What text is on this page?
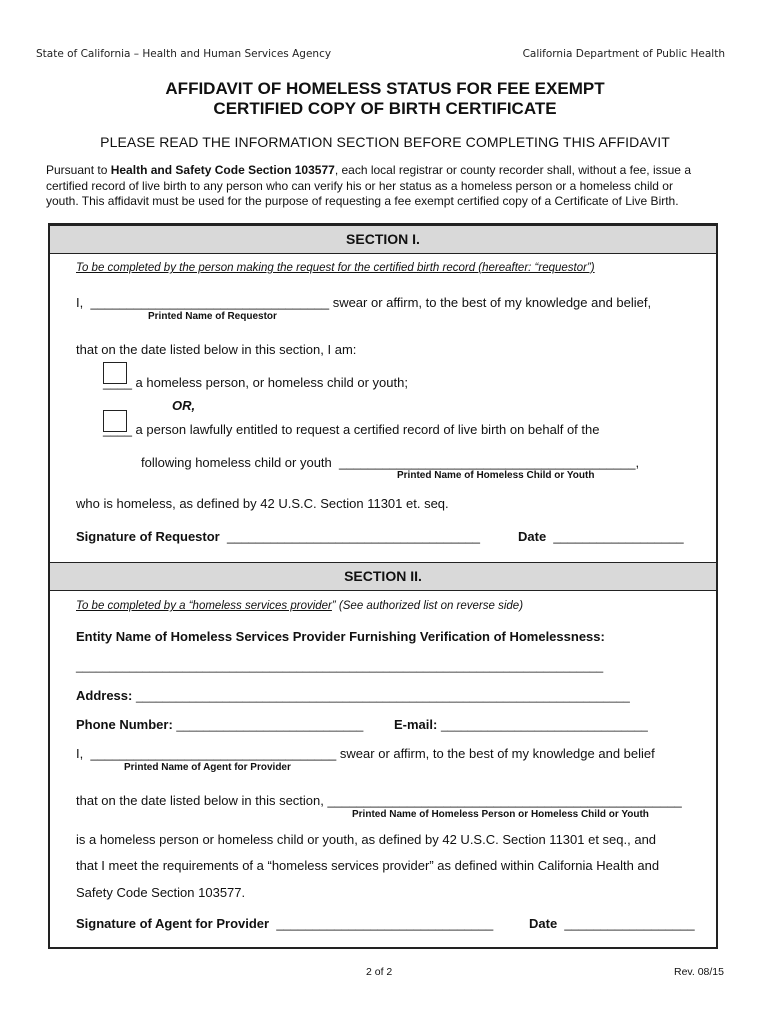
State of California – Health and Human Services Agency	California Department of Public Health
AFFIDAVIT OF HOMELESS STATUS FOR FEE EXEMPT
CERTIFIED COPY OF BIRTH CERTIFICATE
PLEASE READ THE INFORMATION SECTION BEFORE COMPLETING THIS AFFIDAVIT
Pursuant to Health and Safety Code Section 103577, each local registrar or county recorder shall, without a fee, issue a
certified record of live birth to any person who can verify his or her status as a homeless person or a homeless child or
youth. This affidavit must be used for the purpose of requesting a fee exempt certified copy of a Certificate of Live Birth.
SECTION I.
To be completed by the person making the request for the certified birth record (hereafter: “requestor”)
I, _________________________________ swear or affirm, to the best of my knowledge and belief,
Printed Name of Requestor
that on the date listed below in this section, I am:
____ a homeless person, or homeless child or youth;
OR,
____ a person lawfully entitled to request a certified record of live birth on behalf of the
following homeless child or youth _________________________________________,
Printed Name of Homeless Child or Youth
who is homeless, as defined by 42 U.S.C. Section 11301 et. seq.
Signature of Requestor ___________________________________	Date __________________
SECTION II.
To be completed by a “homeless services provider” (See authorized list on reverse side)
Entity Name of Homeless Services Provider Furnishing Verification of Homelessness:
_______________________________________________________________________________
Address: __________________________________________________________________________
Phone Number: ____________________________ E-mail: _______________________________
I, __________________________________ swear or affirm, to the best of my knowledge and belief
Printed Name of Agent for Provider
that on the date listed below in this section, _________________________________________________
Printed Name of Homeless Person or Homeless Child or Youth
is a homeless person or homeless child or youth, as defined by 42 U.S.C. Section 11301 et seq., and
that I meet the requirements of a “homeless services provider” as defined within California Health and
Safety Code Section 103577.
Signature of Agent for Provider ______________________________	Date __________________
2 of 2	Rev. 08/15
